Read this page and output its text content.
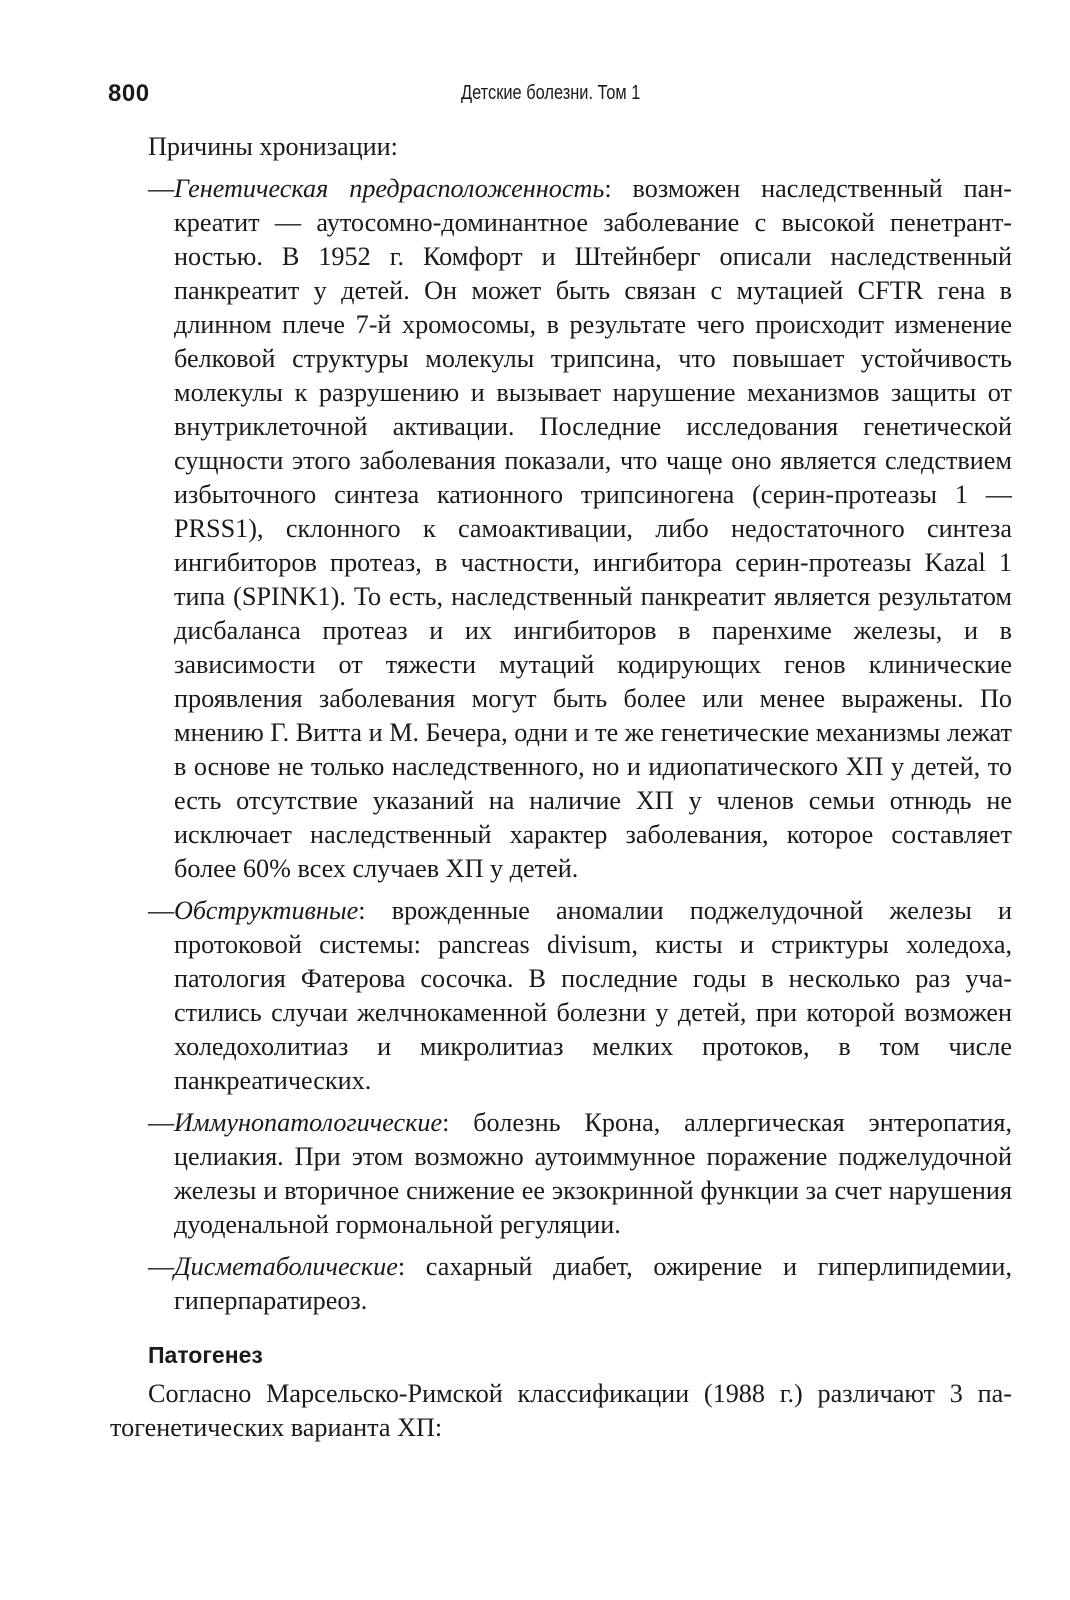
800	Детские болезни. Том 1

Причины хронизации:

— Генетическая предрасположенность: возможен наследственный панкреатит — аутосомно-доминантное заболевание с высокой пенетрантностью. В 1952 г. Комфорт и Штейнберг описали наследственный панкреатит у детей. Он может быть связан с мутацией CFTR гена в длинном плече 7-й хромосомы, в результате чего происходит изменение белковой структуры молекулы трипсина, что повышает устойчивость молекулы к разрушению и вызывает нарушение механизмов защиты от внутриклеточной активации. Последние исследования генетической сущности этого заболевания показали, что чаще оно является следствием избыточного синтеза катионного трипсиногена (серин-протеазы 1 — PRSS1), склонного к самоактивации, либо недостаточного синтеза ингибиторов протеаз, в частности, ингибитора серин-протеазы Kazal 1 типа (SPINK1). То есть, наследственный панкреатит является результатом дисбаланса протеаз и их ингибиторов в паренхиме железы, и в зависимости от тяжести мутаций кодирующих генов клинические проявления заболевания могут быть более или менее выражены. По мнению Г. Витта и М. Бечера, одни и те же генетические механизмы лежат в основе не только наследственного, но и идиопатического ХП у детей, то есть отсутствие указаний на наличие ХП у членов семьи отнюдь не исключает наследственный характер заболевания, которое составляет более 60% всех случаев ХП у детей.
— Обструктивные: врожденные аномалии поджелудочной железы и протоковой системы: pancreas divisum, кисты и стриктуры холедоха, патология Фатерова сосочка. В последние годы в несколько раз участились случаи желчнокаменной болезни у детей, при которой возможен холедохолитиаз и микролитиаз мелких протоков, в том числе панкреатических.
— Иммунопатологические: болезнь Крона, аллергическая энтеропатия, целиакия. При этом возможно аутоиммунное поражение поджелудочной железы и вторичное снижение ее экзокринной функции за счет нарушения дуоденальной гормональной регуляции.
— Дисметаболические: сахарный диабет, ожирение и гиперлипидемии, гиперпаратиреоз.
Патогенез

Согласно Марсельско-Римской классификации (1988 г.) различают 3 патогенетических варианта ХП:
